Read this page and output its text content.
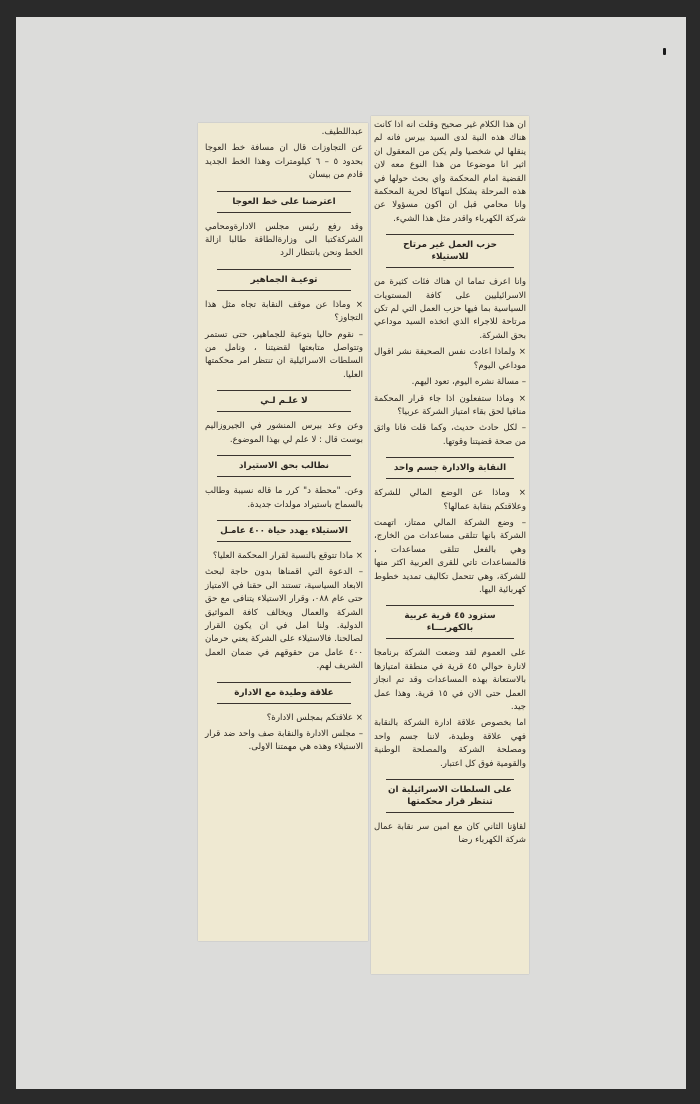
عبداللطيف.

عن التجاوزات قال ان مسافة خط العوجا بحدود ٥ – ٦ كيلومترات وهذا الخط الجديد قادم من بيسان

اعترضنا على خط العوجا

وقد رفع رئيس مجلس الادارةومحامي الشركةكتبا الى وزارةالطاقة طالبا ازالة الخط ونحن بانتظار الرد

توعيـة الجماهير

× وماذا عن موقف النقابة تجاه مثل هذا التجاوز؟

– نقوم حاليا بتوعية للجماهير، حتى تستمر وتتواصل متابعتها لقضيتنا ، ونامل من السلطات الاسرائيلية ان تنتظر امر محكمتها العليا.

لا علـم لـي

وعن وعد بيرس المنشور في الجيروزاليم بوست قال : لا علم لي بهذا الموضوع.

نطالب بحق الاستيراد

وعن. "محطة د" كرر ما قاله نسيبة وطالب بالسماح باستيراد مولدات جديدة.

الاستيلاء يهدد حياة ٤٠٠ عامـل

× ماذا تتوقع بالنسبة لقرار المحكمة العليا؟

– الدعوة التي اقمناها بدون حاجة لبحث الابعاد السياسية، تستند الى حقنا في الامتياز حتى عام ٠٨٨، وقرار الاستيلاء يتنافى مع حق الشركة والعمال ويخالف كافة المواثيق الدولية. ولنا امل في ان يكون القرار لصالحنا. فالاستيلاء على الشركة يعني حرمان ٤٠٠ عامل من حقوقهم في ضمان العمل الشريف لهم.

علاقة وطيدة مع الادارة

× علاقتكم بمجلس الادارة؟

– مجلس الادارة والنقابة صف واحد ضد قرار الاستيلاء وهذه هي مهمتنا الاولى.

ان هذا الكلام غير صحيح وقلت انه اذا كانت هناك هذه النية لدى السيد بيرس فانه لم ينقلها لي شخصيا ولم يكن من المعقول ان اثير انا موضوعا من هذا النوع معه لان القضية امام المحكمة واي بحث حولها في هذه المرحلة يشكل انتهاكا لحرية المحكمة وانا محامي قبل ان اكون مسؤولا عن شركة الكهرباء واقدر مثل هذا الشيء.

حزب العمل غير مرتاح للاستيلاء

وانا اعرف تماما ان هناك فئات كثيرة من الاسرائيليين على كافة المستويات السياسية بما فيها حزب العمل التي لم تكن مرتاحة للاجراء الذي اتخذه السيد موداعي بحق الشركة.

× ولماذا اعادت نفس الصحيفة نشر اقوال موداعي اليوم؟

– مسالة نشره اليوم، تعود اليهم.

× وماذا ستفعلون اذا جاء قرار المحكمة منافيا لحق بقاء امتياز الشركة عربيا؟

– لكل حادث حديث، وكما قلت فانا واثق من صحة قضيتنا وقوتها.

النقابة والادارة جسم واحد

× وماذا عن الوضع المالي للشركة وعلاقتكم بنقابة عمالها؟

– وضع الشركة المالي ممتاز، اتهمت الشركة بانها تتلقى مساعدات من الخارج، وهي بالفعل تتلقى مساعدات ، فالمساعدات تاتي للقرى العربية اكثر منها للشركة، وهي تتحمل تكاليف تمديد خطوط كهربائية اليها.

ستزود ٤٥ قرية عربية بالكهربـــاء

على العموم لقد وضعت الشركة برنامجا لانارة حوالي ٤٥ قرية في منطقة امتيازها بالاستعانة بهذه المساعدات وقد تم انجاز العمل حتى الان في ١٥ قرية. وهذا عمل جيد.

اما بخصوص علاقة ادارة الشركة بالنقابة فهي علاقة وطيدة، لاننا جسم واحد ومصلحة الشركة والمصلحة الوطنية والقومية فوق كل اعتبار.

على السلطات الاسرائيلية ان تنتظر قرار محكمتها

لقاؤنا الثاني كان مع امين سر نقابة عمال شركة الكهرباء رضا
